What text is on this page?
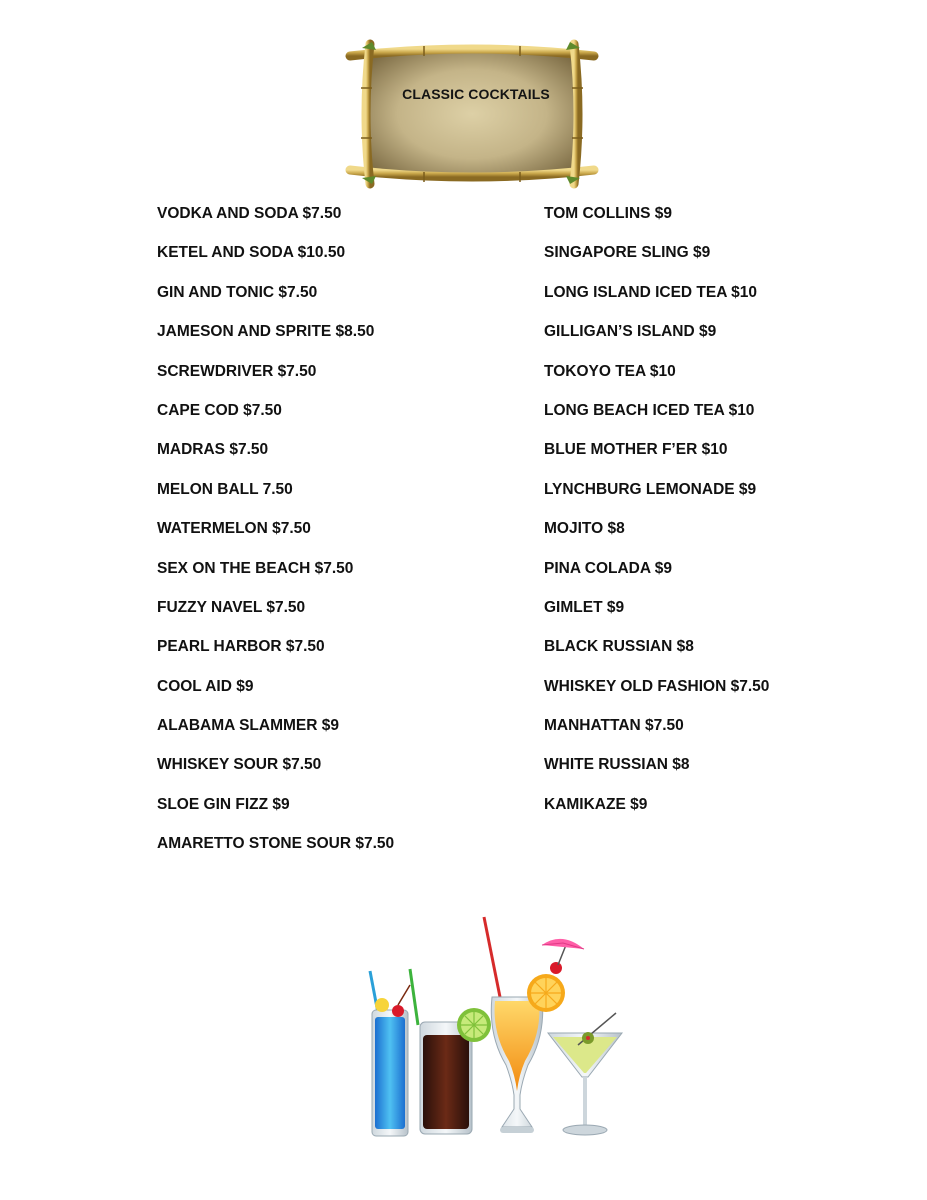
CLASSIC COCKTAILS
VODKA AND SODA $7.50
KETEL AND SODA $10.50
GIN AND TONIC $7.50
JAMESON AND SPRITE $8.50
SCREWDRIVER $7.50
CAPE COD $7.50
MADRAS $7.50
MELON BALL 7.50
WATERMELON $7.50
SEX ON THE BEACH $7.50
FUZZY NAVEL $7.50
PEARL HARBOR $7.50
COOL AID $9
ALABAMA SLAMMER $9
WHISKEY SOUR $7.50
SLOE GIN FIZZ $9
AMARETTO STONE SOUR $7.50
TOM COLLINS $9
SINGAPORE SLING $9
LONG ISLAND ICED TEA $10
GILLIGAN’S ISLAND $9
TOKOYO TEA $10
LONG BEACH ICED TEA $10
BLUE MOTHER F’ER $10
LYNCHBURG LEMONADE $9
MOJITO $8
PINA COLADA $9
GIMLET $9
BLACK RUSSIAN $8
WHISKEY OLD FASHION $7.50
MANHATTAN $7.50
WHITE RUSSIAN $8
KAMIKAZE $9
